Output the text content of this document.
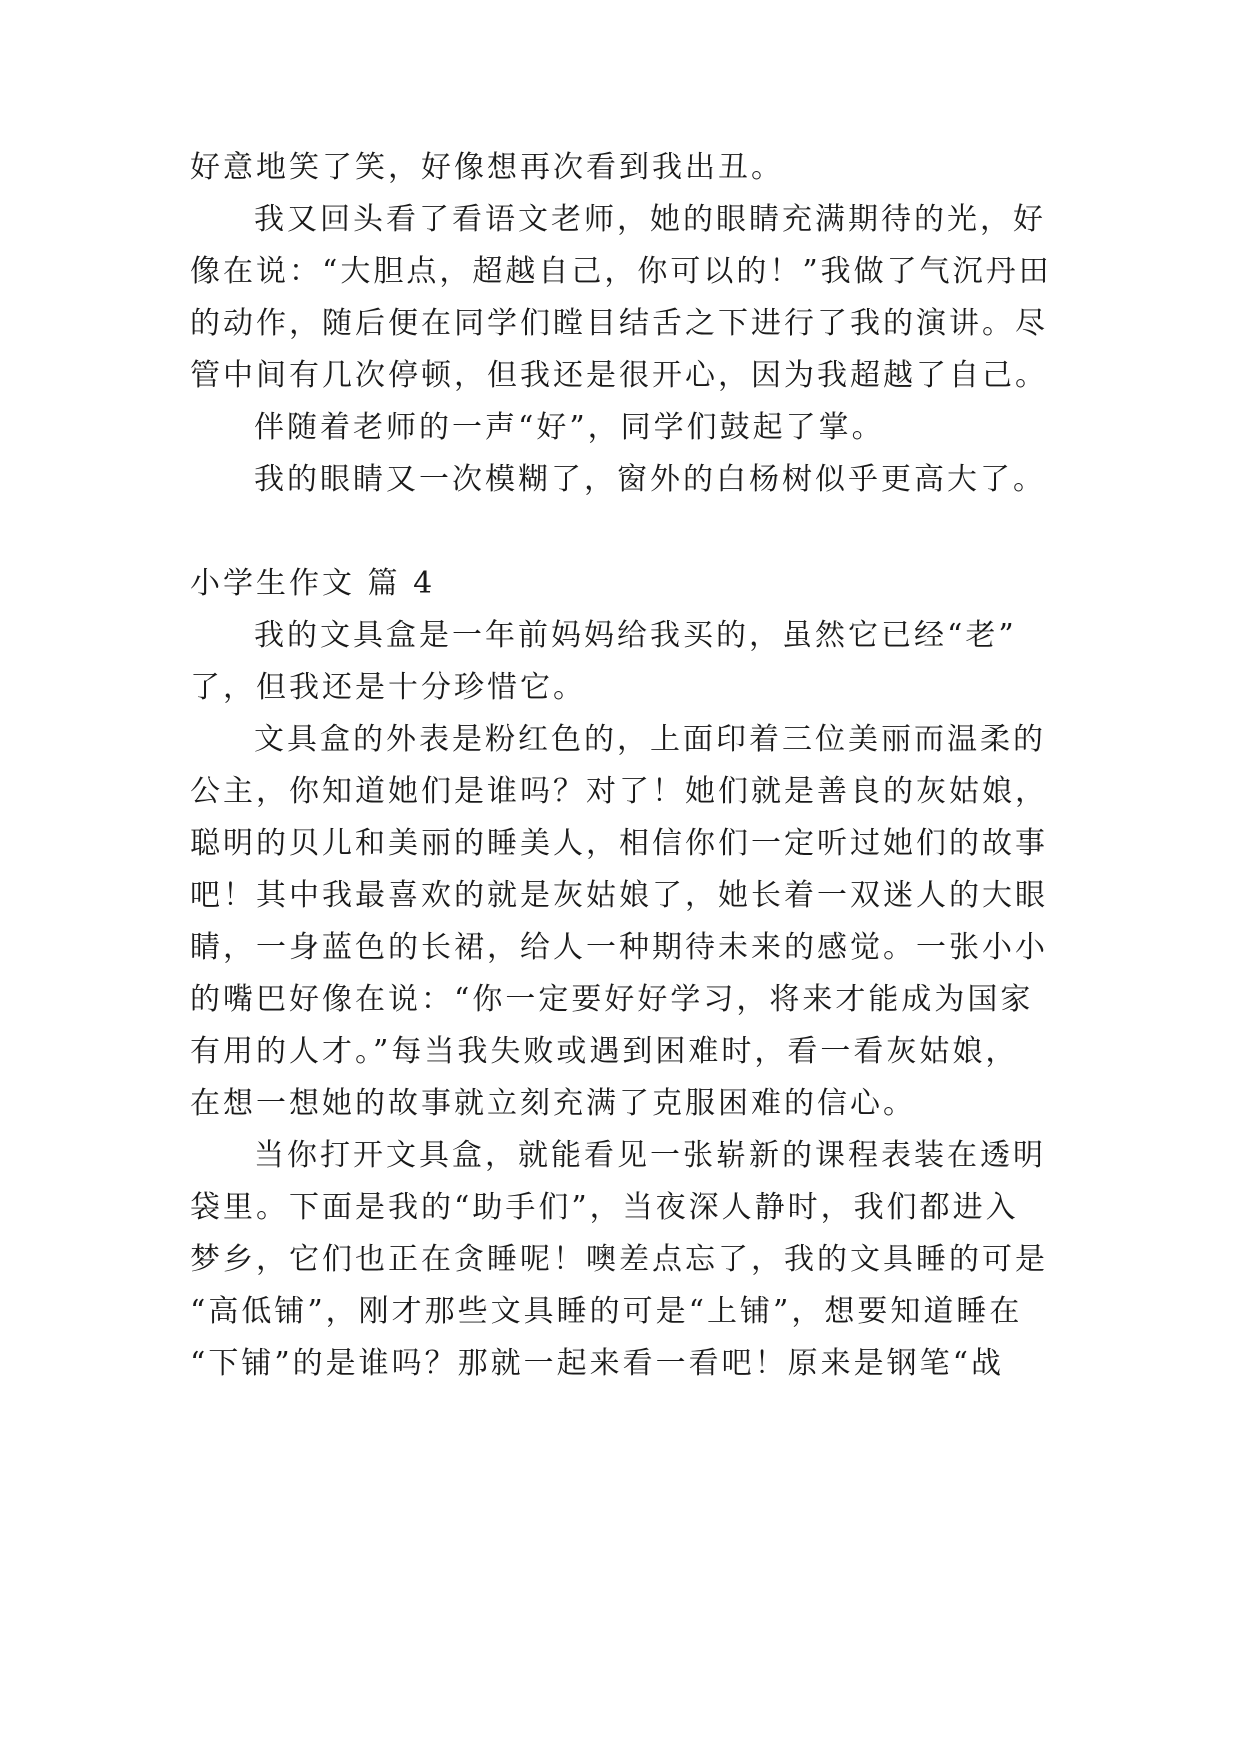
好意地笑了笑，好像想再次看到我出丑。
我又回头看了看语文老师，她的眼睛充满期待的光，好
像在说：“大胆点，超越自己，你可以的！”我做了气沉丹田
的动作，随后便在同学们瞠目结舌之下进行了我的演讲。尽
管中间有几次停顿，但我还是很开心，因为我超越了自己。
伴随着老师的一声“好”，同学们鼓起了掌。
我的眼睛又一次模糊了，窗外的白杨树似乎更高大了。
小学生作文 篇 4
我的文具盒是一年前妈妈给我买的，虽然它已经“老”
了，但我还是十分珍惜它。
文具盒的外表是粉红色的，上面印着三位美丽而温柔的
公主，你知道她们是谁吗？对了！她们就是善良的灰姑娘，
聪明的贝儿和美丽的睡美人，相信你们一定听过她们的故事
吧！其中我最喜欢的就是灰姑娘了，她长着一双迷人的大眼
睛，一身蓝色的长裙，给人一种期待未来的感觉。一张小小
的嘴巴好像在说：“你一定要好好学习，将来才能成为国家
有用的人才。”每当我失败或遇到困难时，看一看灰姑娘，
在想一想她的故事就立刻充满了克服困难的信心。
当你打开文具盒，就能看见一张崭新的课程表装在透明
袋里。下面是我的“助手们”，当夜深人静时，我们都进入
梦乡，它们也正在贪睡呢！噢差点忘了，我的文具睡的可是
“高低铺”，刚才那些文具睡的可是“上铺”，想要知道睡在
“下铺”的是谁吗？那就一起来看一看吧！原来是钢笔“战
